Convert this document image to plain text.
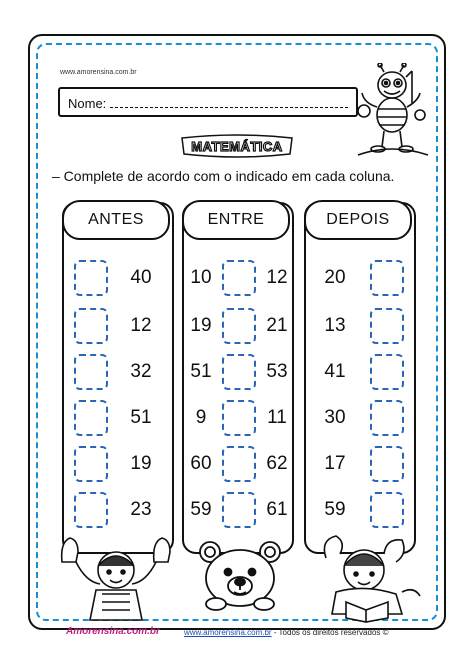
www.amorensina.com.br
Nome:
MATEMÁTICA
– Complete de acordo com o indicado em cada coluna.
ANTES
40
12
32
51
19
23
ENTRE
10	12
19	21
51	53
9	11
60	62
59	61
DEPOIS
20
13
41
30
17
59
Amorensina.com.br	www.amorensina.com.br - Todos os direitos reservados ©
